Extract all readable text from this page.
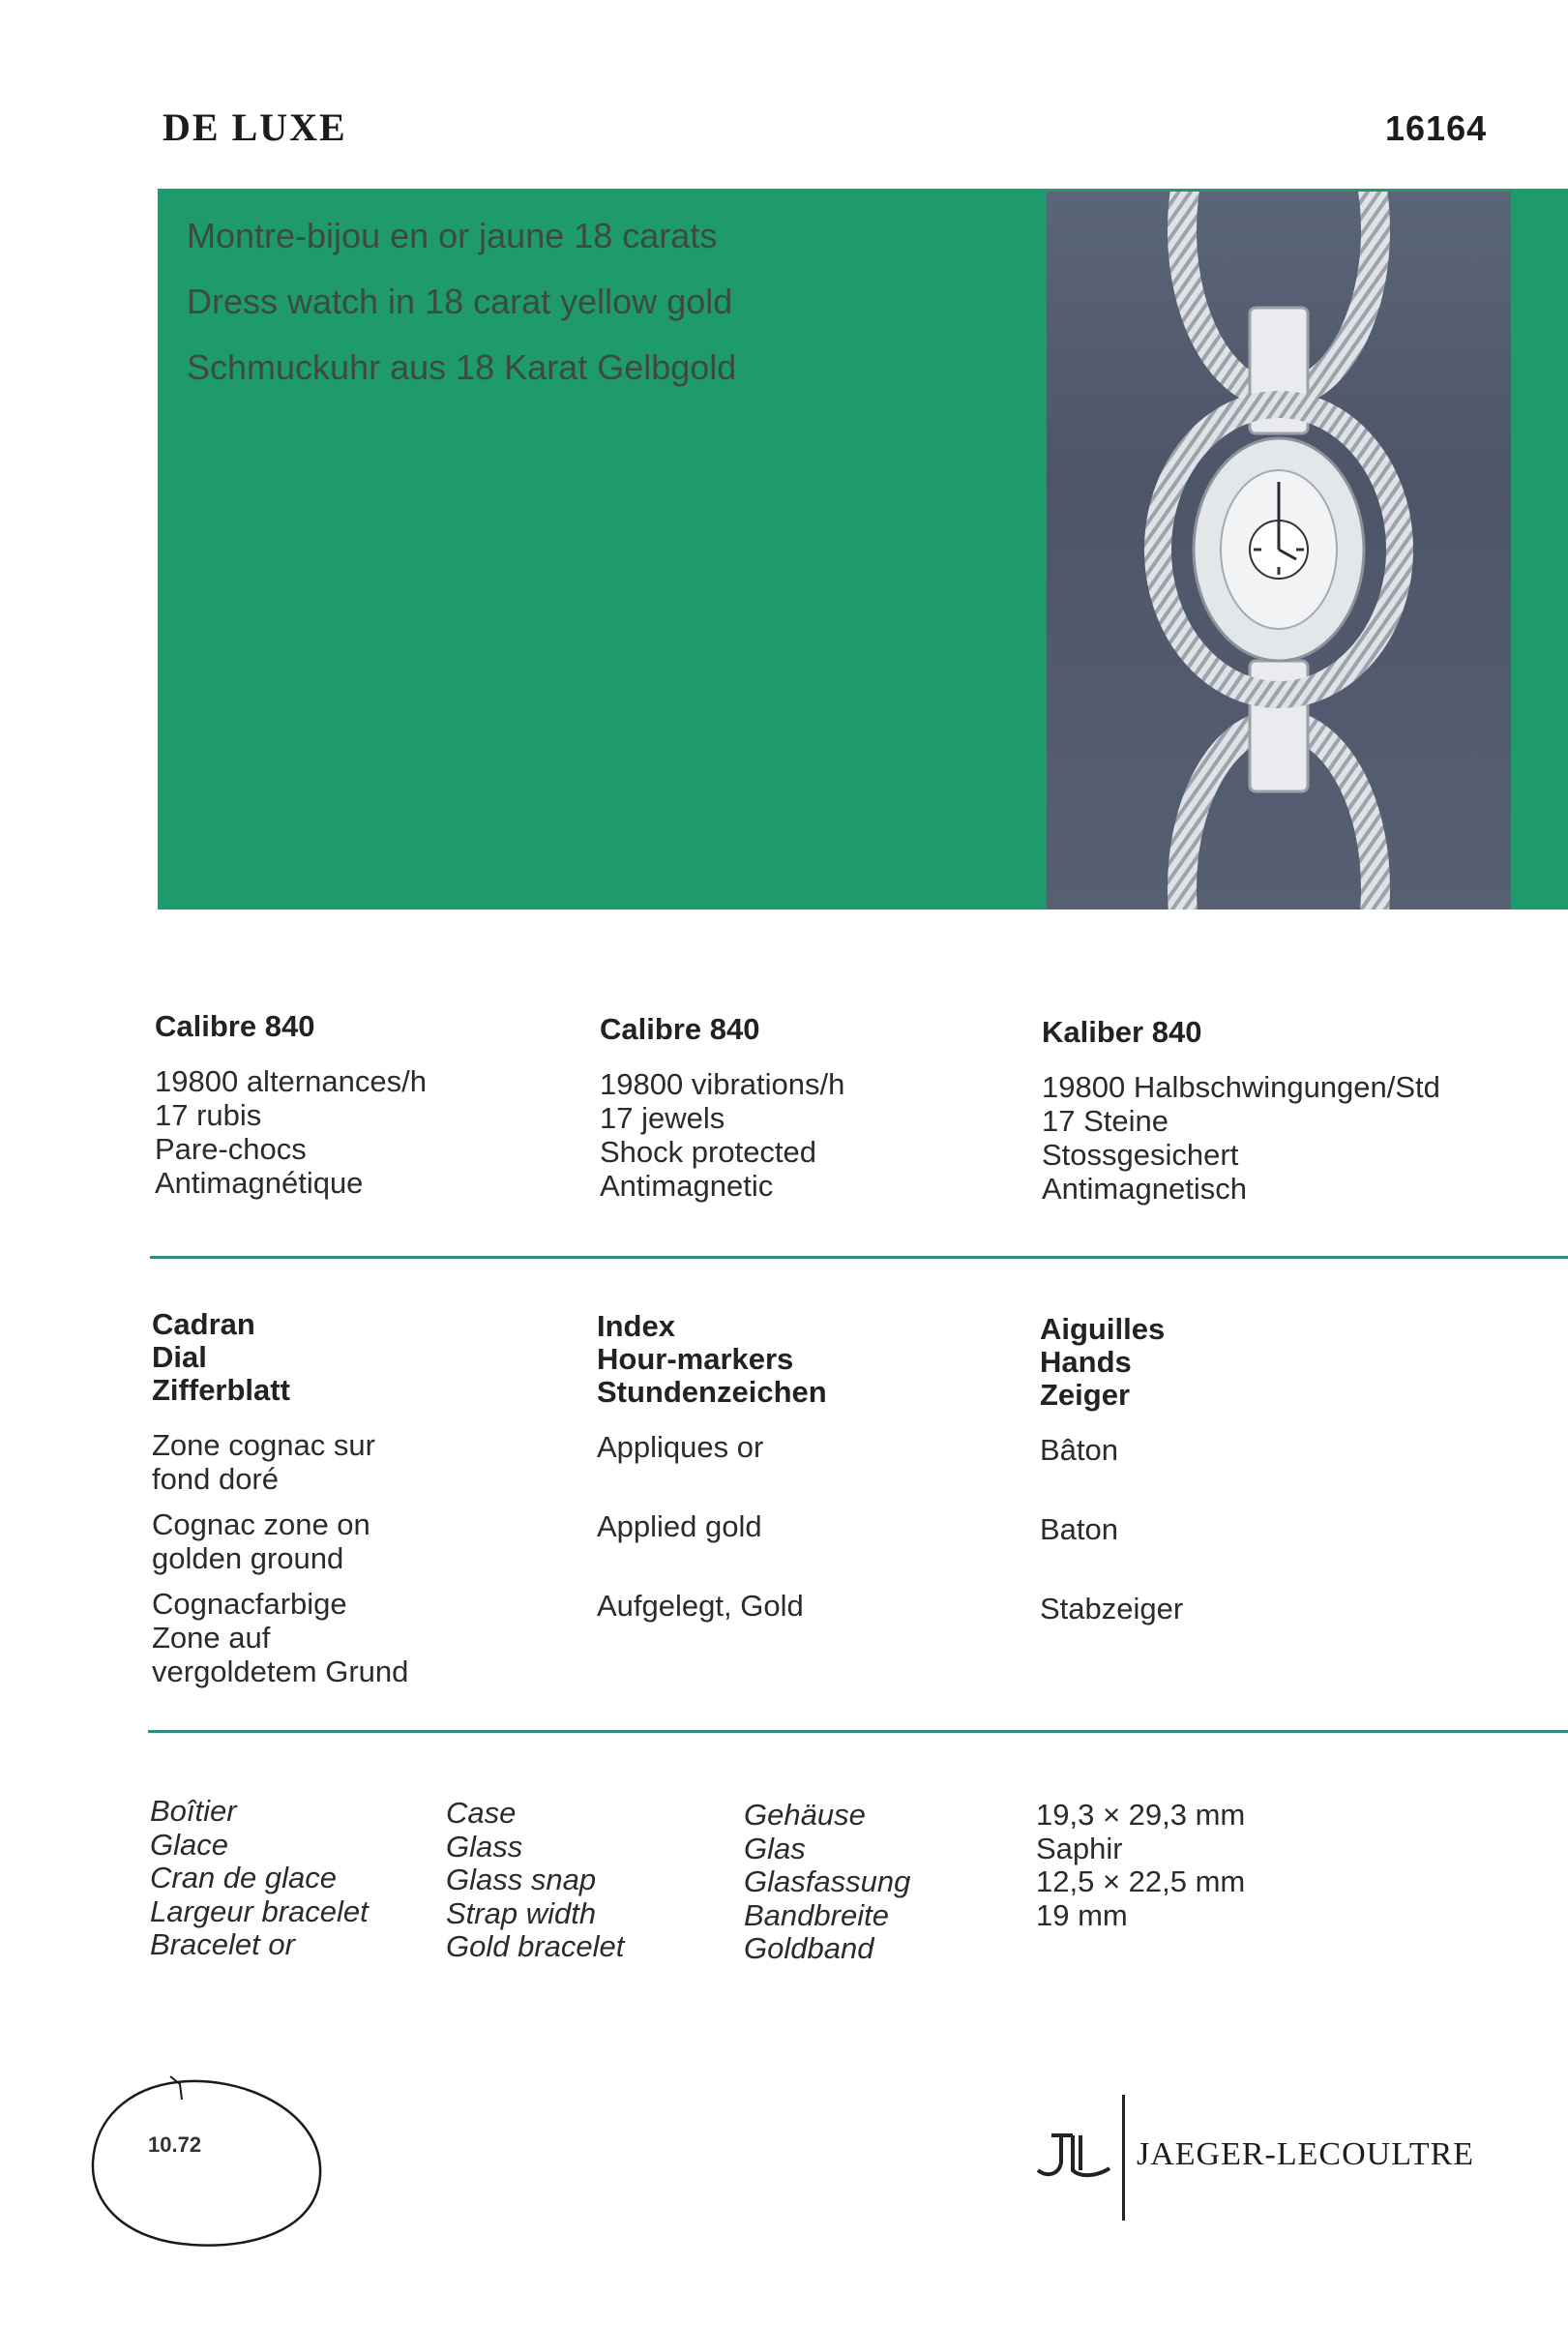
DE LUXE	16164
Montre-bijou en or jaune 18 carats
Dress watch in 18 carat yellow gold
Schmuckuhr aus 18 Karat Gelbgold
Calibre 840
19800 alternances/h
17 rubis
Pare-chocs
Antimagnétique
Calibre 840
19800 vibrations/h
17 jewels
Shock protected
Antimagnetic
Kaliber 840
19800 Halbschwingungen/Std
17 Steine
Stossgesichert
Antimagnetisch
Cadran
Dial
Zifferblatt
Zone cognac sur
fond doré
Cognac zone on
golden ground
Cognacfarbige
Zone auf
vergoldetem Grund
Index
Hour-markers
Stundenzeichen
Appliques or
Applied gold
Aufgelegt, Gold
Aiguilles
Hands
Zeiger
Bâton
Baton
Stabzeiger
Boîtier
Glace
Cran de glace
Largeur bracelet
Bracelet or
Case
Glass
Glass snap
Strap width
Gold bracelet
Gehäuse
Glas
Glasfassung
Bandbreite
Goldband
19,3 × 29,3 mm
Saphir
12,5 × 22,5 mm
19 mm
10.72	JAEGER-LECOULTRE
